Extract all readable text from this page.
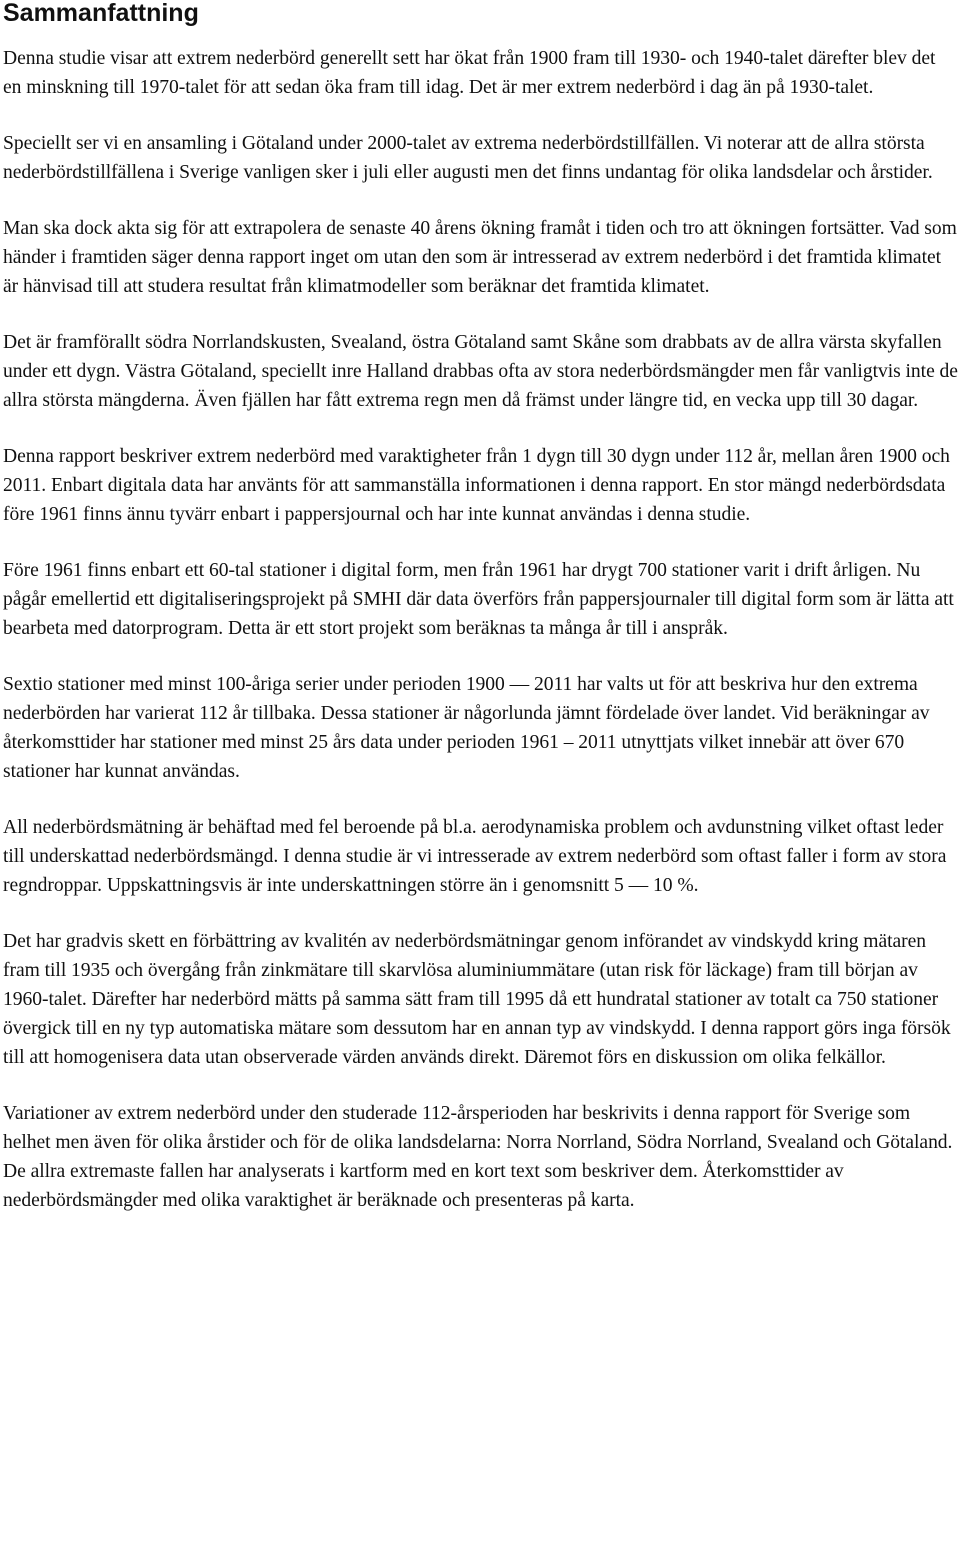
Sammanfattning

Denna studie visar att extrem nederbörd generellt sett har ökat från 1900 fram till 1930- och 1940-talet därefter blev det en minskning till 1970-talet för att sedan öka fram till idag. Det är mer extrem nederbörd i dag än på 1930-talet.

Speciellt ser vi en ansamling i Götaland under 2000-talet av extrema nederbördstillfällen. Vi noterar att de allra största nederbördstillfällena i Sverige vanligen sker i juli eller augusti men det finns undantag för olika landsdelar och årstider.

Man ska dock akta sig för att extrapolera de senaste 40 årens ökning framåt i tiden och tro att ökningen fortsätter. Vad som händer i framtiden säger denna rapport inget om utan den som är intresserad av extrem nederbörd i det framtida klimatet är hänvisad till att studera resultat från klimatmodeller som beräknar det framtida klimatet.

Det är framförallt södra Norrlandskusten, Svealand, östra Götaland samt Skåne som drabbats av de allra värsta skyfallen under ett dygn. Västra Götaland, speciellt inre Halland drabbas ofta av stora nederbördsmängder men får vanligtvis inte de allra största mängderna. Även fjällen har fått extrema regn men då främst under längre tid, en vecka upp till 30 dagar.

Denna rapport beskriver extrem nederbörd med varaktigheter från 1 dygn till 30 dygn under 112 år, mellan åren 1900 och 2011. Enbart digitala data har använts för att sammanställa informationen i denna rapport. En stor mängd nederbördsdata före 1961 finns ännu tyvärr enbart i pappersjournal och har inte kunnat användas i denna studie.

Före 1961 finns enbart ett 60-tal stationer i digital form, men från 1961 har drygt 700 stationer varit i drift årligen. Nu pågår emellertid ett digitaliseringsprojekt på SMHI där data överförs från pappersjournaler till digital form som är lätta att bearbeta med datorprogram. Detta är ett stort projekt som beräknas ta många år till i anspråk.

Sextio stationer med minst 100-åriga serier under perioden 1900 — 2011 har valts ut för att beskriva hur den extrema nederbörden har varierat 112 år tillbaka. Dessa stationer är någorlunda jämnt fördelade över landet. Vid beräkningar av återkomsttider har stationer med minst 25 års data under perioden 1961 – 2011 utnyttjats vilket innebär att över 670 stationer har kunnat användas.

All nederbördsmätning är behäftad med fel beroende på bl.a. aerodynamiska problem och avdunstning vilket oftast leder till underskattad nederbördsmängd. I denna studie är vi intresserade av extrem nederbörd som oftast faller i form av stora regndroppar. Uppskattningsvis är inte underskattningen större än i genomsnitt 5 — 10 %.

Det har gradvis skett en förbättring av kvalitén av nederbördsmätningar genom införandet av vindskydd kring mätaren fram till 1935 och övergång från zinkmätare till skarvlösa aluminiummätare (utan risk för läckage) fram till början av 1960-talet. Därefter har nederbörd mätts på samma sätt fram till 1995 då ett hundratal stationer av totalt ca 750 stationer övergick till en ny typ automatiska mätare som dessutom har en annan typ av vindskydd. I denna rapport görs inga försök till att homogenisera data utan observerade värden används direkt. Däremot förs en diskussion om olika felkällor.

Variationer av extrem nederbörd under den studerade 112-årsperioden har beskrivits i denna rapport för Sverige som helhet men även för olika årstider och för de olika landsdelarna: Norra Norrland, Södra Norrland, Svealand och Götaland. De allra extremaste fallen har analyserats i kartform med en kort text som beskriver dem. Återkomsttider av nederbördsmängder med olika varaktighet är beräknade och presenteras på karta.
